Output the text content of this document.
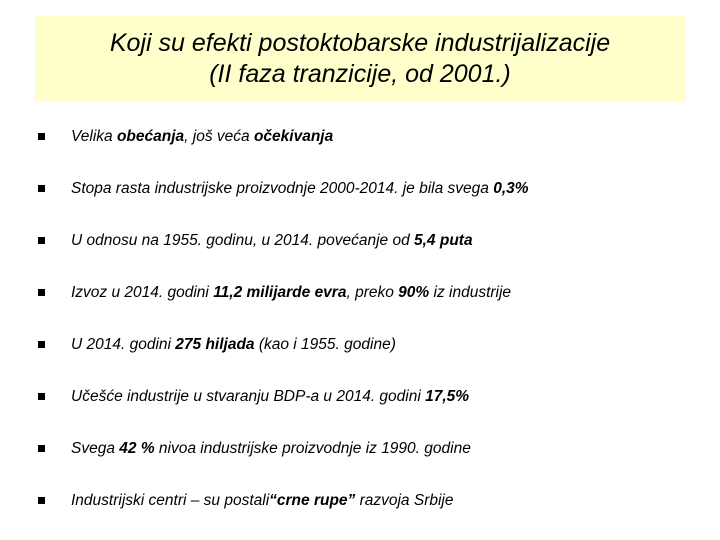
Koji su efekti postoktobarske industrijalizacije
(II faza tranzicije, od 2001.)
Velika obećanja, još veća očekivanja
Stopa rasta industrijske proizvodnje 2000-2014. je bila svega 0,3%
U odnosu na 1955. godinu, u 2014. povećanje od 5,4 puta
Izvoz u 2014. godini 11,2 milijarde evra, preko 90% iz industrije
U 2014. godini 275 hiljada (kao i 1955. godine)
Učešće industrije u stvaranju BDP-a u 2014. godini 17,5%
Svega 42 % nivoa industrijske proizvodnje iz 1990. godine
Industrijski centri – su postali“crne rupe” razvoja Srbije
